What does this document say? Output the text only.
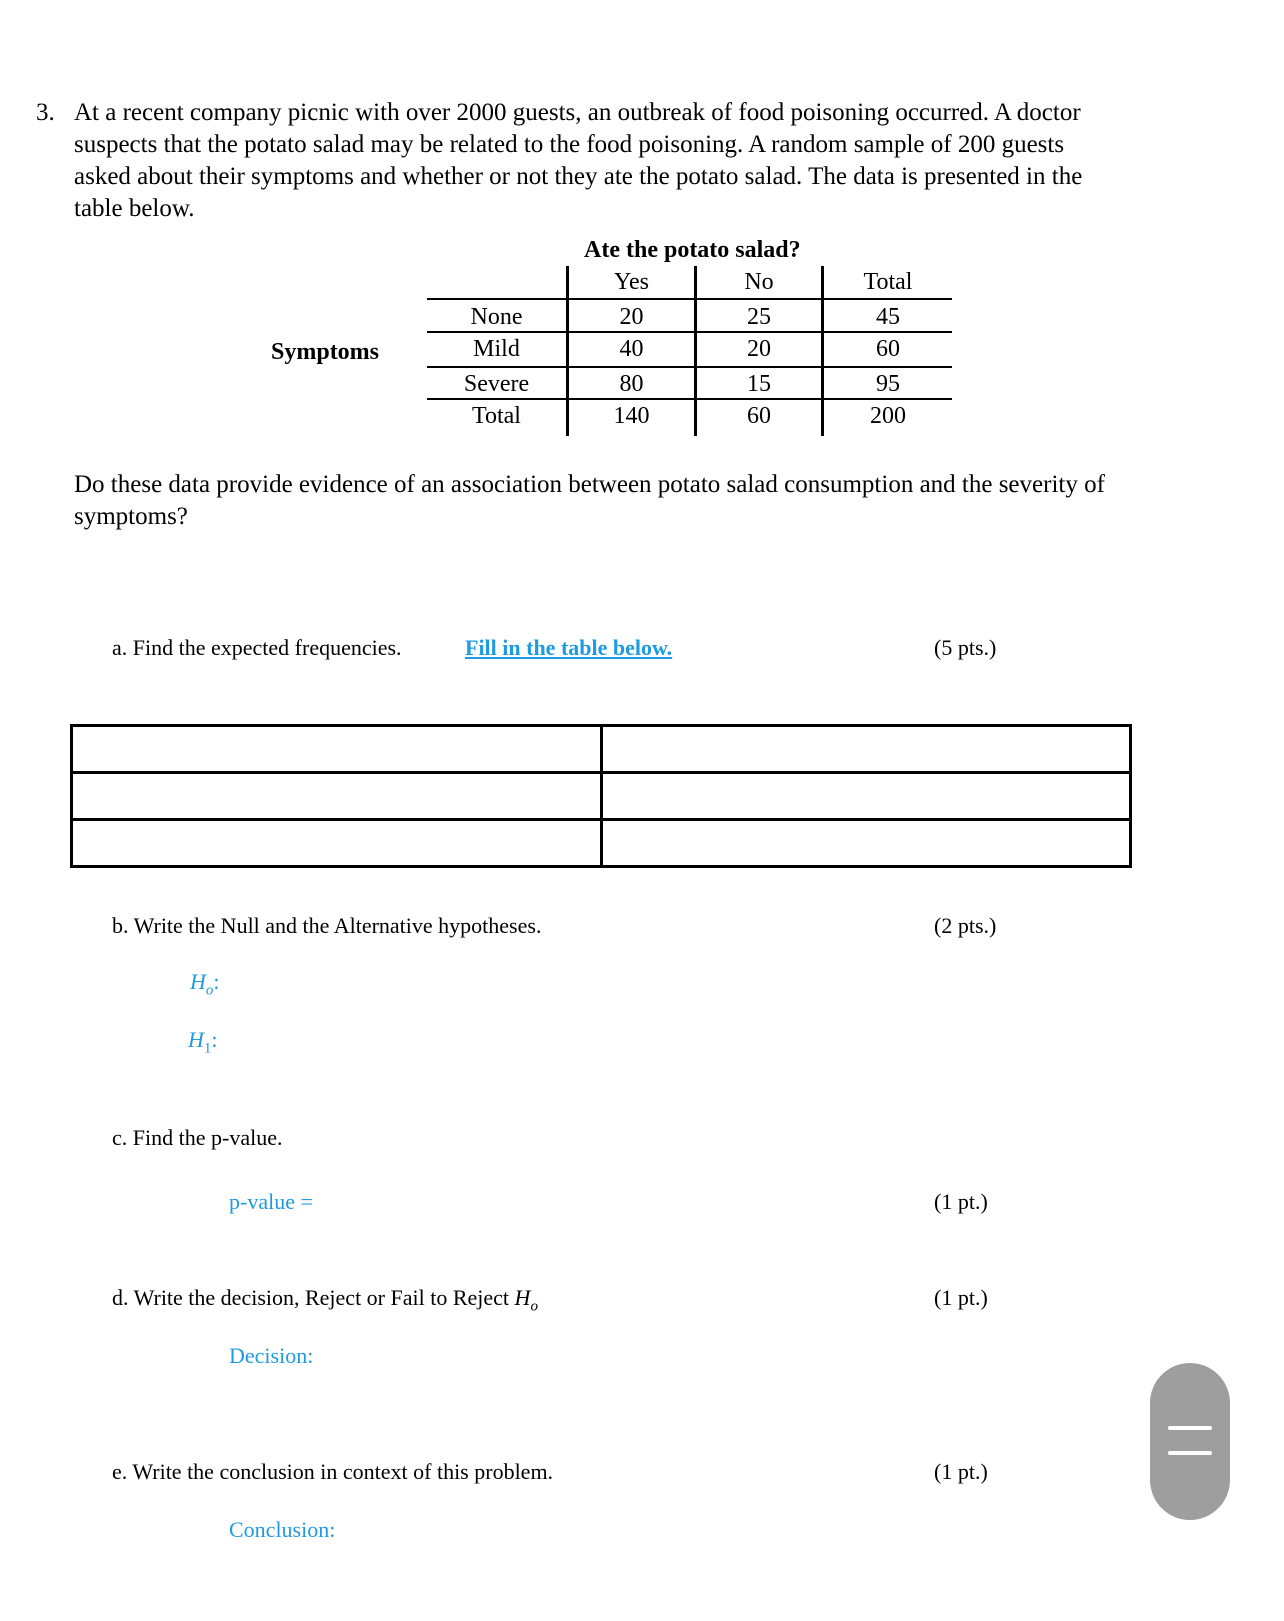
3. At a recent company picnic with over 2000 guests, an outbreak of food poisoning occurred. A doctor
suspects that the potato salad may be related to the food poisoning. A random sample of 200 guests
asked about their symptoms and whether or not they ate the potato salad. The data is presented in the
table below.
Ate the potato salad?
Symptoms
Yes	No	Total
None	20	25	45
Mild	40	20	60
Severe	80	15	95
Total	140	60	200
Do these data provide evidence of an association between potato salad consumption and the severity of
symptoms?
a. Find the expected frequencies.	Fill in the table below.	(5 pts.)

b. Write the Null and the Alternative hypotheses.	(2 pts.)
$H_o$:
$H_1$:
c. Find the p-value.
p-value =	(1 pt.)
d. Write the decision, Reject or Fail to Reject $H_o$	(1 pt.)
Decision:
e. Write the conclusion in context of this problem.	(1 pt.)
Conclusion:
